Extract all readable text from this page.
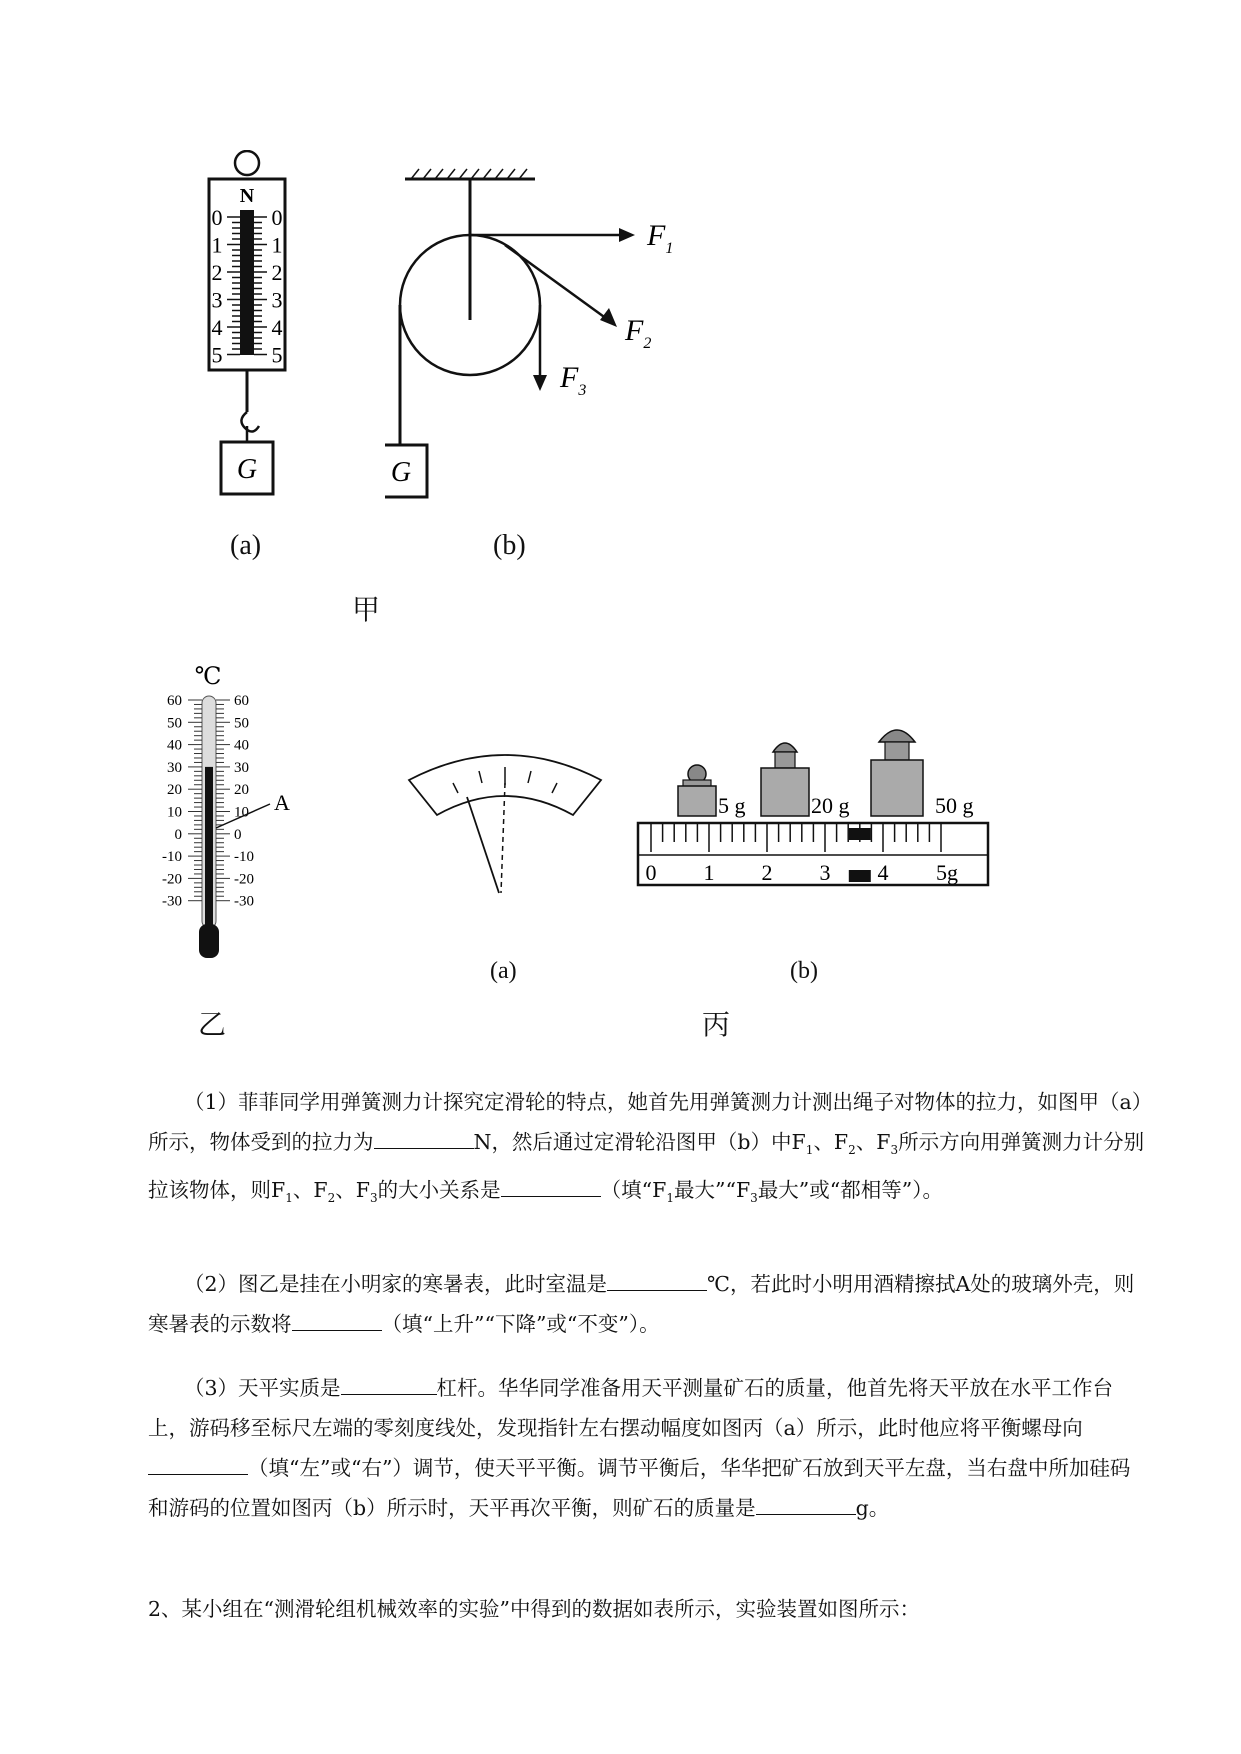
N
0 0
1 1
2 2
3 3
4 4
5 5
G
(a)
G
$F_1$
$F_2$
$F_3$
(b)
甲
℃
60	60
50	50
40	40
30	30
20	20
10	10
0	0
-10	-10
-20	-20
-30	-30
A
乙
(a)
5 g	20 g	50 g
0 1 2 3 4 5g
(b)
丙

（1）菲菲同学用弹簧测力计探究定滑轮的特点，她首先用弹簧测力计测出绳子对物体的拉力，如图甲（a）所示，物体受到的拉力为	N，然后通过定滑轮沿图甲（b）中$F_1$、$F_2$、$F_3$所示方向用弹簧测力计分别拉该物体，则$F_1$、$F_2$、$F_3$的大小关系是	（填“$F_1$最大$”“F_3$最大”或“都相等”）。

（2）图乙是挂在小明家的寒暑表，此时室温是	℃，若此时小明用酒精擦拭A处的玻璃外壳，则寒暑表的示数将	（填“上升”“下降”或“不变”）。

（3）天平实质是	杠杆。华华同学准备用天平测量矿石的质量，他首先将天平放在水平工作台上，游码移至标尺左端的零刻度线处，发现指针左右摆动幅度如图丙（a）所示，此时他应将平衡螺母向（填“左”或“右”）调节，使天平平衡。调节平衡后，华华把矿石放到天平左盘，当右盘中所加硅码和游码的位置如图丙（b）所示时，天平再次平衡，则矿石的质量是	g。

2、某小组在“测滑轮组机械效率的实验”中得到的数据如表所示，实验装置如图所示：
